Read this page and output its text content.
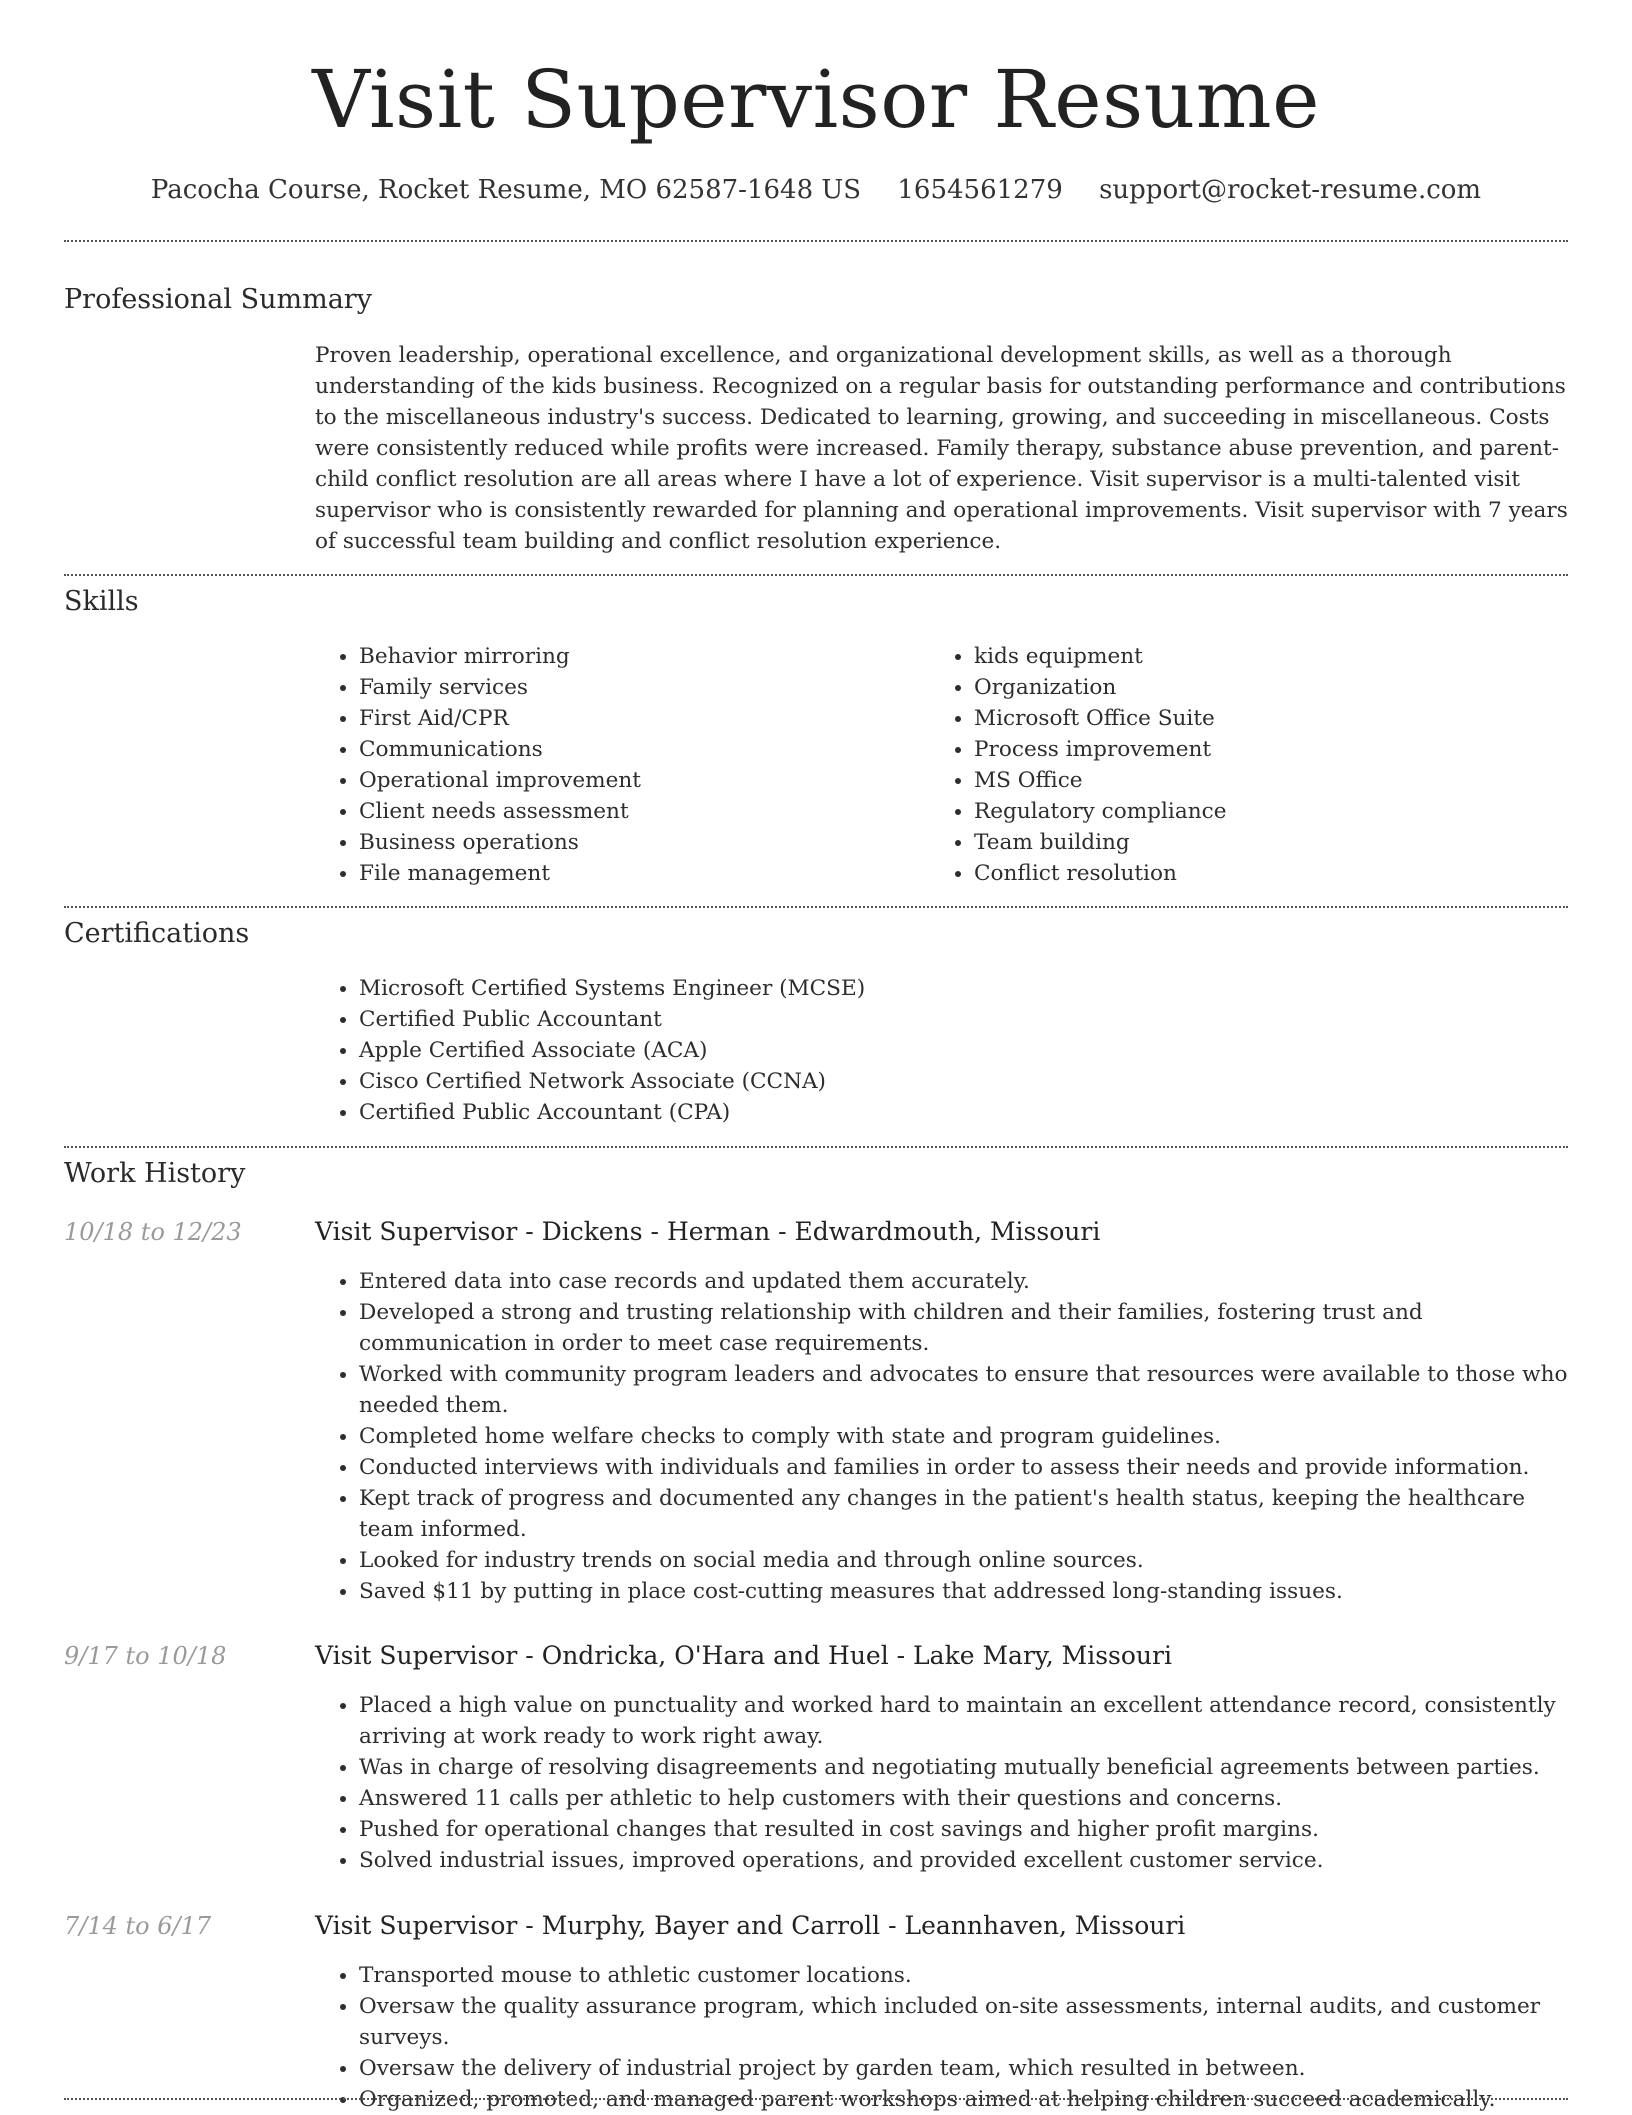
Visit Supervisor Resume
Pacocha Course, Rocket Resume, MO 62587-1648 US 1654561279 support@rocket-resume.com
Professional Summary
Proven leadership, operational excellence, and organizational development skills, as well as a thorough understanding of the kids business. Recognized on a regular basis for outstanding performance and contributions to the miscellaneous industry's success. Dedicated to learning, growing, and succeeding in miscellaneous. Costs were consistently reduced while profits were increased. Family therapy, substance abuse prevention, and parent-child conflict resolution are all areas where I have a lot of experience. Visit supervisor is a multi-talented visit supervisor who is consistently rewarded for planning and operational improvements. Visit supervisor with 7 years of successful team building and conflict resolution experience.
Skills
• Behavior mirroring
• Family services
• First Aid/CPR
• Communications
• Operational improvement
• Client needs assessment
• Business operations
• File management
• kids equipment
• Organization
• Microsoft Office Suite
• Process improvement
• MS Office
• Regulatory compliance
• Team building
• Conflict resolution
Certifications
• Microsoft Certified Systems Engineer (MCSE)
• Certified Public Accountant
• Apple Certified Associate (ACA)
• Cisco Certified Network Associate (CCNA)
• Certified Public Accountant (CPA)
Work History
10/18 to 12/23	Visit Supervisor - Dickens - Herman - Edwardmouth, Missouri
• Entered data into case records and updated them accurately.
• Developed a strong and trusting relationship with children and their families, fostering trust and communication in order to meet case requirements.
• Worked with community program leaders and advocates to ensure that resources were available to those who needed them.
• Completed home welfare checks to comply with state and program guidelines.
• Conducted interviews with individuals and families in order to assess their needs and provide information.
• Kept track of progress and documented any changes in the patient's health status, keeping the healthcare team informed.
• Looked for industry trends on social media and through online sources.
• Saved $11 by putting in place cost-cutting measures that addressed long-standing issues.
9/17 to 10/18	Visit Supervisor - Ondricka, O'Hara and Huel - Lake Mary, Missouri
• Placed a high value on punctuality and worked hard to maintain an excellent attendance record, consistently arriving at work ready to work right away.
• Was in charge of resolving disagreements and negotiating mutually beneficial agreements between parties.
• Answered 11 calls per athletic to help customers with their questions and concerns.
• Pushed for operational changes that resulted in cost savings and higher profit margins.
• Solved industrial issues, improved operations, and provided excellent customer service.
7/14 to 6/17	Visit Supervisor - Murphy, Bayer and Carroll - Leannhaven, Missouri
• Transported mouse to athletic customer locations.
• Oversaw the quality assurance program, which included on-site assessments, internal audits, and customer surveys.
• Oversaw the delivery of industrial project by garden team, which resulted in between.
• Organized, promoted, and managed parent workshops aimed at helping children succeed academically.
